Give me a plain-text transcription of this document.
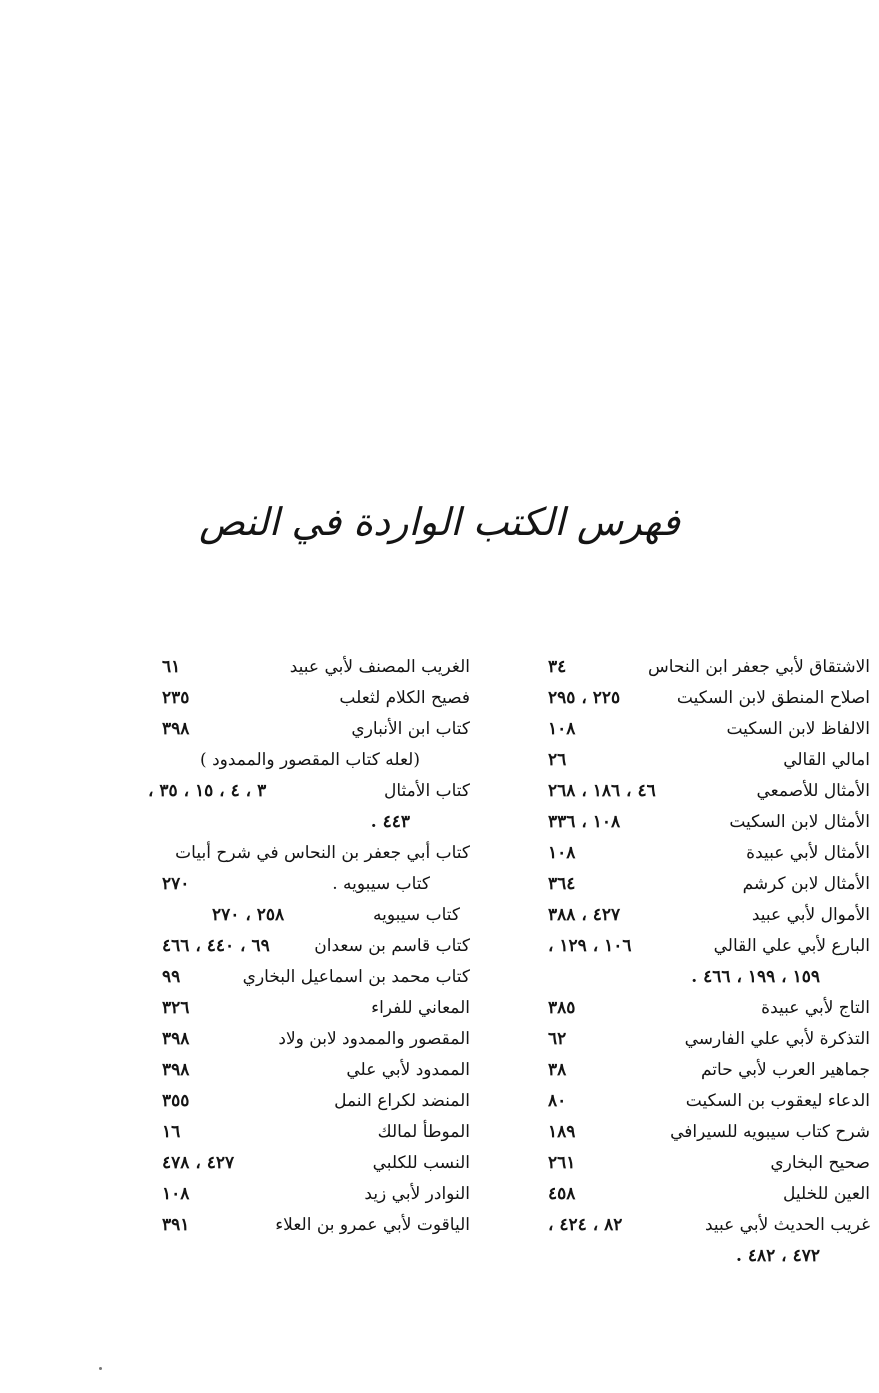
فهرس الكتب الواردة في النص
الاشتقاق لأبي جعفر ابن النحاس
٣٤
اصلاح المنطق لابن السكيت
٢٢٥ ، ٢٩٥
الالفاظ لابن السكيت
١٠٨
امالي القالي
٢٦
الأمثال للأصمعي
٤٦ ، ١٨٦ ، ٢٦٨
الأمثال لابن السكيت
١٠٨ ، ٣٣٦
الأمثال لأبي عبيدة
١٠٨
الأمثال لابن كرشم
٣٦٤
الأموال لأبي عبيد
٤٢٧ ، ٣٨٨
البارع لأبي علي القالي
١٠٦ ، ١٢٩ ،
١٥٩ ، ١٩٩ ، ٤٦٦ .
التاج لأبي عبيدة
٣٨٥
التذكرة لأبي علي الفارسي
٦٢
جماهير العرب لأبي حاتم
٣٨
الدعاء ليعقوب بن السكيت
٨٠
شرح كتاب سيبويه للسيرافي
١٨٩
صحيح البخاري
٢٦١
العين للخليل
٤٥٨
غريب الحديث لأبي عبيد
٨٢ ، ٤٢٤ ،
٤٧٢ ، ٤٨٢ .
الغريب المصنف لأبي عبيد
٦١
فصيح الكلام لثعلب
٢٣٥
كتاب ابن الأنباري
٣٩٨
(لعله كتاب المقصور والممدود )
كتاب الأمثال
٣ ، ٤ ، ١٥ ، ٣٥ ،
٤٤٣ .
كتاب أبي جعفر بن النحاس في شرح أبيات
كتاب سيبويه .
٢٧٠
كتاب سيبويه
٢٥٨ ، ٢٧٠
كتاب قاسم بن سعدان
٦٩ ، ٤٤٠ ، ٤٦٦
كتاب محمد بن اسماعيل البخاري
٩٩
المعاني للفراء
٣٢٦
المقصور والممدود لابن ولاد
٣٩٨
الممدود لأبي علي
٣٩٨
المنضد لكراع النمل
٣٥٥
الموطأ لمالك
١٦
النسب للكلبي
٤٢٧ ، ٤٧٨
النوادر لأبي زيد
١٠٨
الياقوت لأبي عمرو بن العلاء
٣٩١
